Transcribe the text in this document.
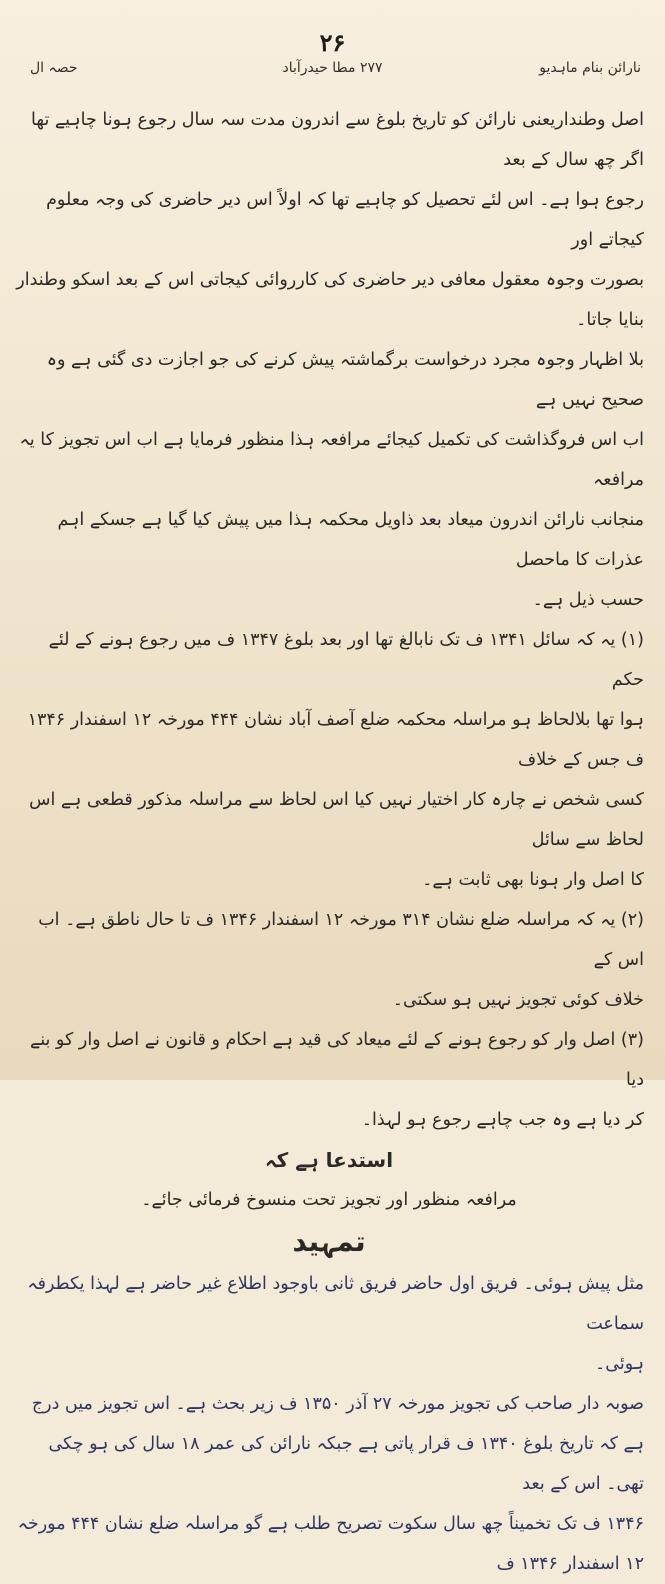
۲۶
حصہ ال	۲۷۷ مطا حیدرآباد	نارائن بنام ماہدیو

اصل وطنداریعنی نارائن کو تاریخ بلوغ سے اندرون مدت سہ سال رجوع ہونا چاہیے تھا اگر چھ سال کے بعد

رجوع ہوا ہے۔ اس لئے تحصیل کو چاہیے تھا کہ اولاً اس دیر حاضری کی وجہ معلوم کیجاتے اور

بصورت وجوہ معقول معافی دیر حاضری کی کارروائی کیجاتی اس کے بعد اسکو وطندار بنایا جاتا۔

بلا اظہار وجوہ مجرد درخواست برگماشتہ پیش کرنے کی جو اجازت دی گئی ہے وہ صحیح نہیں ہے

اب اس فروگذاشت کی تکمیل کیجائے مرافعہ ہذا منظور فرمایا ہے اب اس تجویز کا یہ مرافعہ

منجانب نارائن اندرون میعاد بعد ذاویل محکمہ ہذا میں پیش کیا گیا ہے جسکے اہم عذرات کا ماحصل

حسب ذیل ہے۔

(۱) یہ کہ سائل ۱۳۴۱ ف تک نابالغ تھا اور بعد بلوغ ۱۳۴۷ ف میں رجوع ہونے کے لئے حکم

ہوا تھا بلالحاظ ہو مراسلہ محکمہ ضلع آصف آباد نشان ۴۴۴ مورخہ ۱۲ اسفندار ۱۳۴۶ ف جس کے خلاف

کسی شخص نے چارہ کار اختیار نہیں کیا اس لحاظ سے مراسلہ مذکور قطعی ہے اس لحاظ سے سائل

کا اصل وار ہونا بھی ثابت ہے۔

(۲) یہ کہ مراسلہ ضلع نشان ۳۱۴ مورخہ ۱۲ اسفندار ۱۳۴۶ ف تا حال ناطق ہے۔ اب اس کے

خلاف کوئی تجویز نہیں ہو سکتی۔

(۳) اصل وار کو رجوع ہونے کے لئے میعاد کی قید ہے احکام و قانون نے اصل وار کو بنے دیا

کر دیا ہے وہ جب چاہے رجوع ہو لہذا۔

استدعا ہے کہ

مرافعہ منظور اور تجویز تحت منسوخ فرمائی جائے۔

تمہید

مثل پیش ہوئی۔ فریق اول حاضر فریق ثانی باوجود اطلاع غیر حاضر ہے لہذا یکطرفہ سماعت

ہوئی۔

صوبہ دار صاحب کی تجویز مورخہ ۲۷ آذر ۱۳۵۰ ف زیر بحث ہے۔ اس تجویز میں درج

ہے کہ تاریخ بلوغ ۱۳۴۰ ف قرار پاتی ہے جبکہ نارائن کی عمر ۱۸ سال کی ہو چکی تھی۔ اس کے بعد

۱۳۴۶ ف تک تخمیناً چھ سال سکوت تصریح طلب ہے گو مراسلہ ضلع نشان ۴۴۴ مورخہ ۱۲ اسفندار ۱۳۴۶ ف
